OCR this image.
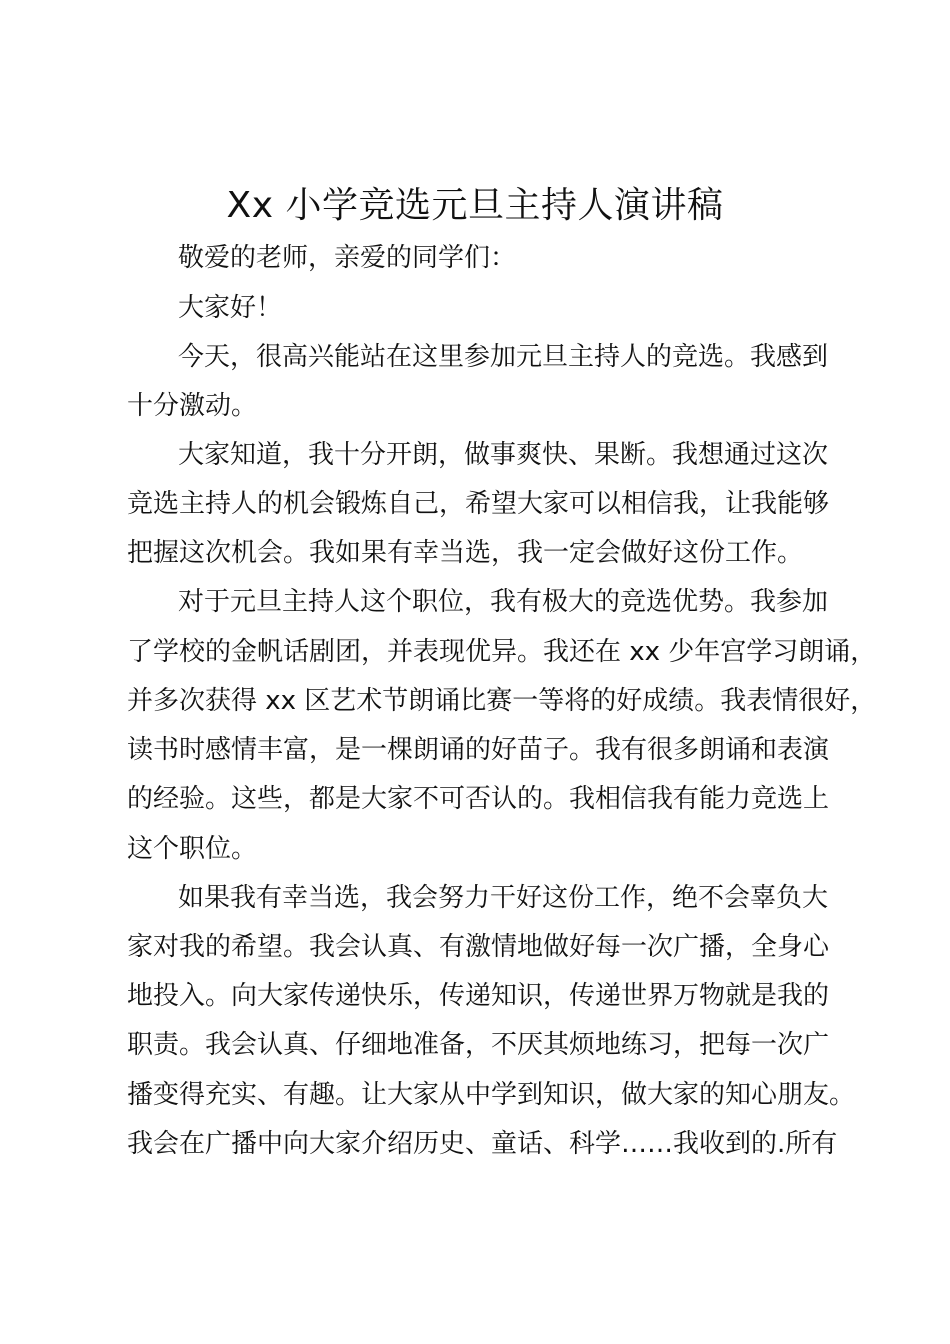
Xx 小学竞选元旦主持人演讲稿

敬爱的老师，亲爱的同学们：

大家好！

今天，很高兴能站在这里参加元旦主持人的竞选。我感到

十分激动。

大家知道，我十分开朗，做事爽快、果断。我想通过这次

竞选主持人的机会锻炼自己，希望大家可以相信我，让我能够

把握这次机会。我如果有幸当选，我一定会做好这份工作。

对于元旦主持人这个职位，我有极大的竞选优势。我参加

了学校的金帆话剧团，并表现优异。我还在 xx 少年宫学习朗诵，

并多次获得 xx 区艺术节朗诵比赛一等将的好成绩。我表情很好，

读书时感情丰富，是一棵朗诵的好苗子。我有很多朗诵和表演

的经验。这些，都是大家不可否认的。我相信我有能力竞选上

这个职位。

如果我有幸当选，我会努力干好这份工作，绝不会辜负大

家对我的希望。我会认真、有激情地做好每一次广播，全身心

地投入。向大家传递快乐，传递知识，传递世界万物就是我的

职责。我会认真、仔细地准备，不厌其烦地练习，把每一次广

播变得充实、有趣。让大家从中学到知识，做大家的知心朋友。

我会在广播中向大家介绍历史、童话、科学……我收到的.所有
